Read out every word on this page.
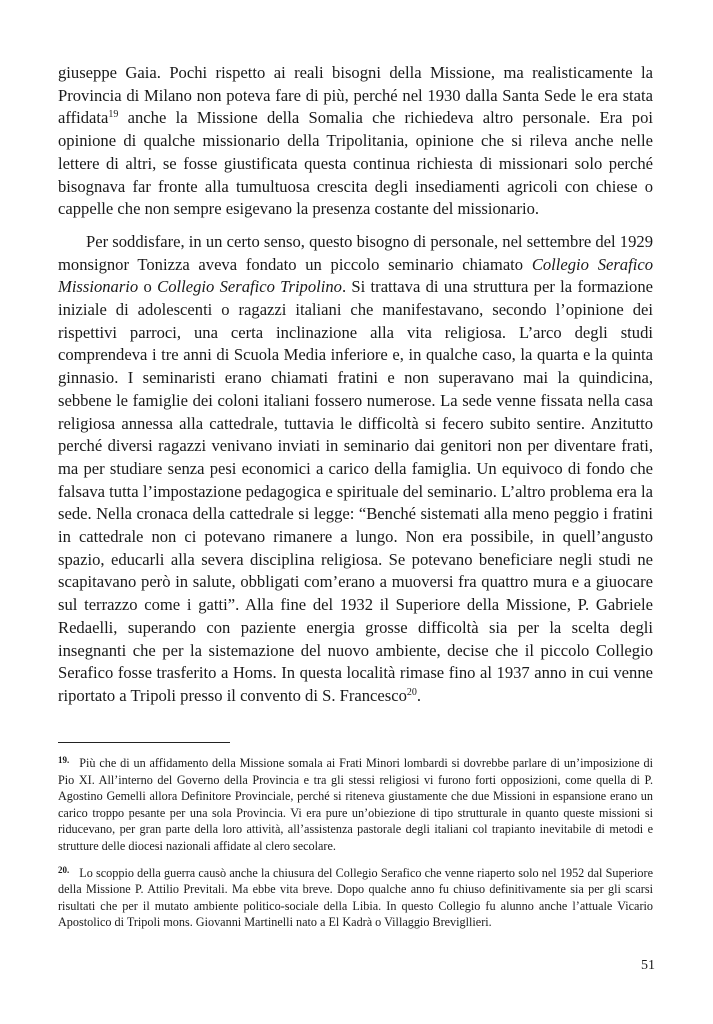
giuseppe Gaia. Pochi rispetto ai reali bisogni della Missione, ma realisticamente la Provincia di Milano non poteva fare di più, perché nel 1930 dalla Santa Sede le era stata affidata$^{19}$ anche la Missione della Somalia che richiedeva altro personale. Era poi opinione di qualche missionario della Tripolitania, opinione che si rileva anche nelle lettere di altri, se fosse giustificata questa continua richiesta di missionari solo perché bisognava far fronte alla tumultuosa crescita degli insediamenti agricoli con chiese o cappelle che non sempre esigevano la presenza costante del missionario.

Per soddisfare, in un certo senso, questo bisogno di personale, nel settembre del 1929 monsignor Tonizza aveva fondato un piccolo seminario chiamato Collegio Serafico Missionario o Collegio Serafico Tripolino. Si trattava di una struttura per la formazione iniziale di adolescenti o ragazzi italiani che manifestavano, secondo l’opinione dei rispettivi parroci, una certa inclinazione alla vita religiosa. L’arco degli studi comprendeva i tre anni di Scuola Media inferiore e, in qualche caso, la quarta e la quinta ginnasio. I seminaristi erano chiamati fratini e non superavano mai la quindicina, sebbene le famiglie dei coloni italiani fossero numerose. La sede venne fissata nella casa religiosa annessa alla cattedrale, tuttavia le difficoltà si fecero subito sentire. Anzitutto perché diversi ragazzi venivano inviati in seminario dai genitori non per diventare frati, ma per studiare senza pesi economici a carico della famiglia. Un equivoco di fondo che falsava tutta l’impostazione pedagogica e spirituale del seminario. L’altro problema era la sede. Nella cronaca della cattedrale si legge: “Benché sistemati alla meno peggio i fratini in cattedrale non ci potevano rimanere a lungo. Non era possibile, in quell’angusto spazio, educarli alla severa disciplina religiosa. Se potevano beneficiare negli studi ne scapitavano però in salute, obbligati com’erano a muoversi fra quattro mura e a giuocare sul terrazzo come i gatti”. Alla fine del 1932 il Superiore della Missione, P. Gabriele Redaelli, superando con paziente energia grosse difficoltà sia per la scelta degli insegnanti che per la sistemazione del nuovo ambiente, decise che il piccolo Collegio Serafico fosse trasferito a Homs. In questa località rimase fino al 1937 anno in cui venne riportato a Tripoli presso il convento di S. Francesco$^{20}$.

$^{19.}$ Più che di un affidamento della Missione somala ai Frati Minori lombardi si dovrebbe parlare di un’imposizione di Pio XI. All’interno del Governo della Provincia e tra gli stessi religiosi vi furono forti opposizioni, come quella di P. Agostino Gemelli allora Definitore Provinciale, perché si riteneva giustamente che due Missioni in espansione erano un carico troppo pesante per una sola Provincia. Vi era pure un’obiezione di tipo strutturale in quanto queste missioni si riducevano, per gran parte della loro attività, all’assistenza pastorale degli italiani col trapianto inevitabile di metodi e strutture delle diocesi nazionali affidate al clero secolare.

$^{20.}$ Lo scoppio della guerra causò anche la chiusura del Collegio Serafico che venne riaperto solo nel 1952 dal Superiore della Missione P. Attilio Previtali. Ma ebbe vita breve. Dopo qualche anno fu chiuso definitivamente sia per gli scarsi risultati che per il mutato ambiente politico-sociale della Libia. In questo Collegio fu alunno anche l’attuale Vicario Apostolico di Tripoli mons. Giovanni Martinelli nato a El Kadrà o Villaggio Brevigllieri.

51
